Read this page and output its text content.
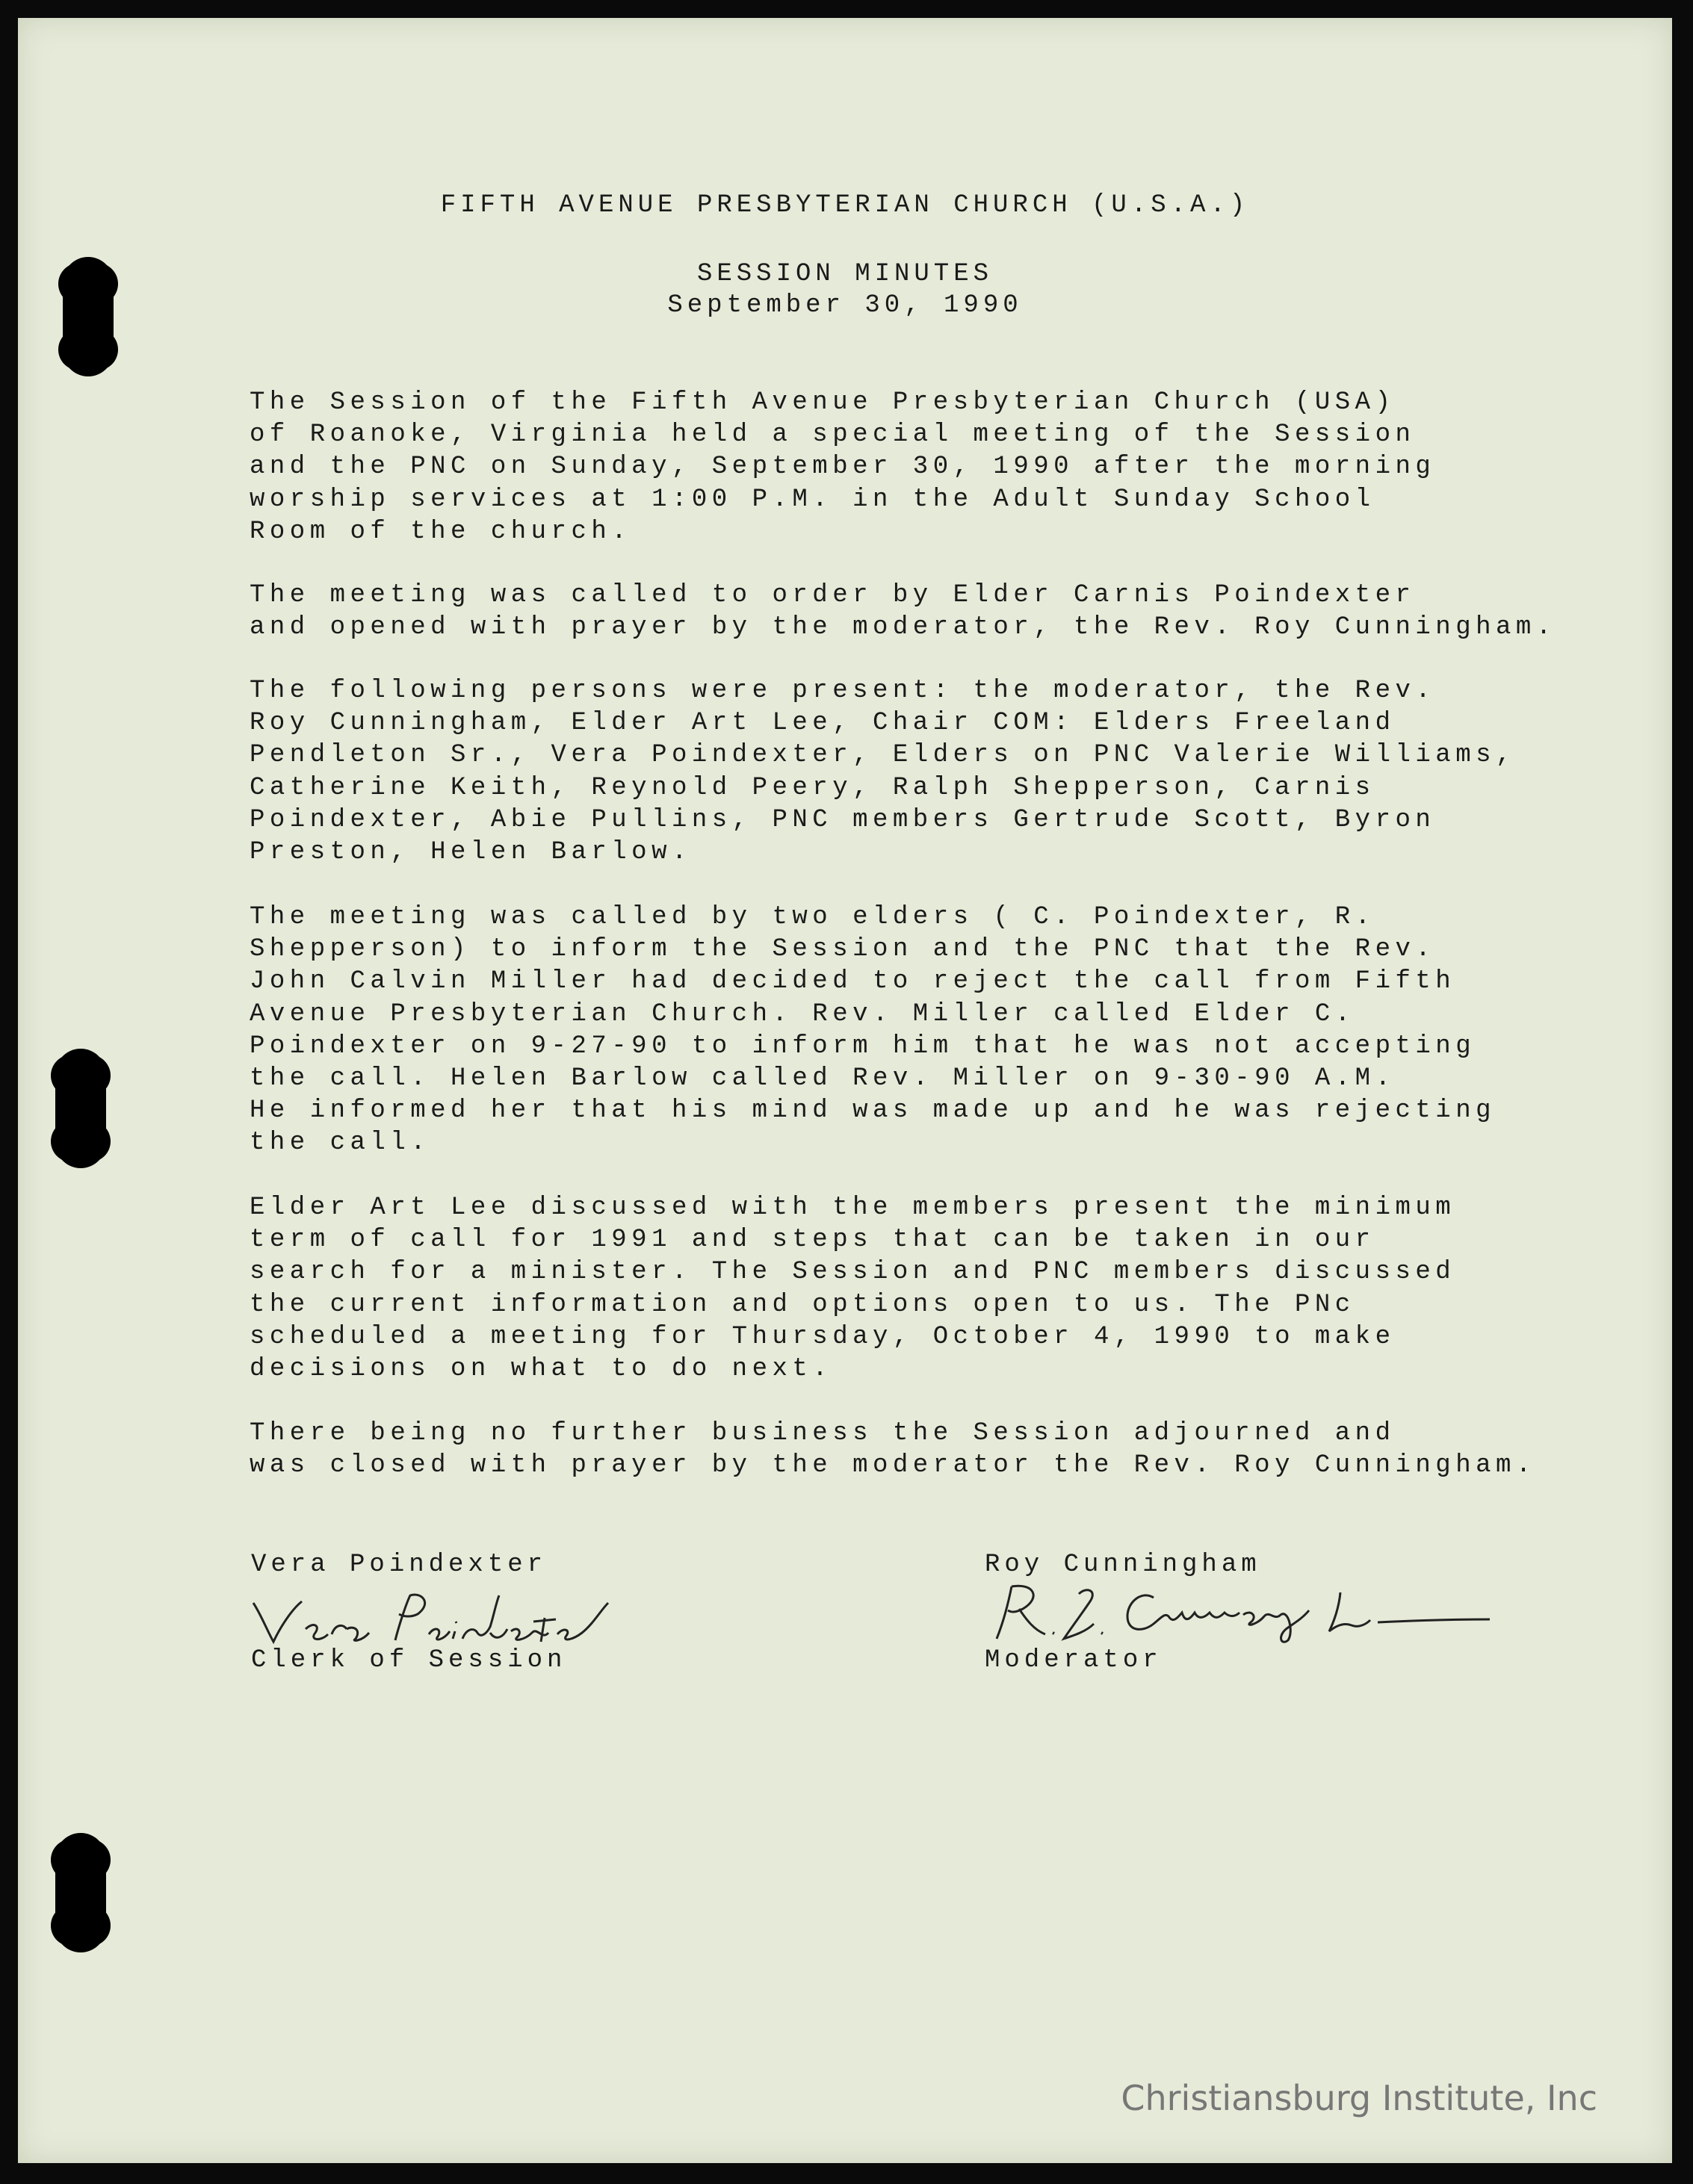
FIFTH AVENUE PRESBYTERIAN CHURCH (U.S.A.)
SESSION MINUTES
September 30, 1990
The Session of the Fifth Avenue Presbyterian Church (USA)
of Roanoke, Virginia held a special meeting of the Session
and the PNC on Sunday, September 30, 1990 after the morning
worship services at 1:00 P.M. in the Adult Sunday School
Room of the church.
The meeting was called to order by Elder Carnis Poindexter
and opened with prayer by the moderator, the Rev. Roy Cunningham.
The following persons were present: the moderator, the Rev.
Roy Cunningham, Elder Art Lee, Chair COM: Elders Freeland
Pendleton Sr., Vera Poindexter, Elders on PNC Valerie Williams,
Catherine Keith, Reynold Peery, Ralph Shepperson, Carnis
Poindexter, Abie Pullins, PNC members Gertrude Scott, Byron
Preston, Helen Barlow.
The meeting was called by two elders ( C. Poindexter, R.
Shepperson) to inform the Session and the PNC that the Rev.
John Calvin Miller had decided to reject the call from Fifth
Avenue Presbyterian Church. Rev. Miller called Elder C.
Poindexter on 9-27-90 to inform him that he was not accepting
the call. Helen Barlow called Rev. Miller on 9-30-90 A.M.
He informed her that his mind was made up and he was rejecting
the call.
Elder Art Lee discussed with the members present the minimum
term of call for 1991 and steps that can be taken in our
search for a minister. The Session and PNC members discussed
the current information and options open to us. The PNc
scheduled a meeting for Thursday, October 4, 1990 to make
decisions on what to do next.
There being no further business the Session adjourned and
was closed with prayer by the moderator the Rev. Roy Cunningham.
Vera Poindexter
Clerk of Session
Roy Cunningham
Moderator
Christiansburg Institute, Inc
